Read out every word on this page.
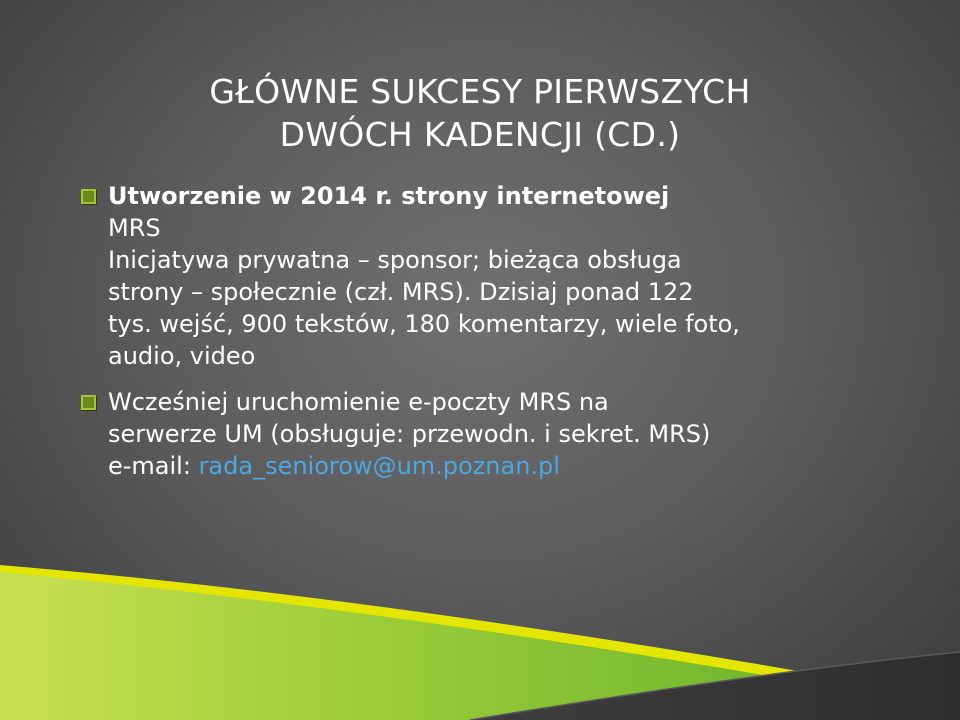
GŁÓWNE SUKCESY PIERWSZYCH
DWÓCH KADENCJI (CD.)
Utworzenie w 2014 r. strony internetowej
MRS
Inicjatywa prywatna – sponsor; bieżąca obsługa
strony – społecznie (czł. MRS). Dzisiaj ponad 122
tys. wejść, 900 tekstów, 180 komentarzy, wiele foto,
audio, video
Wcześniej uruchomienie e-poczty MRS na
serwerze UM (obsługuje: przewodn. i sekret. MRS)
e-mail: rada_seniorow@um.poznan.pl
